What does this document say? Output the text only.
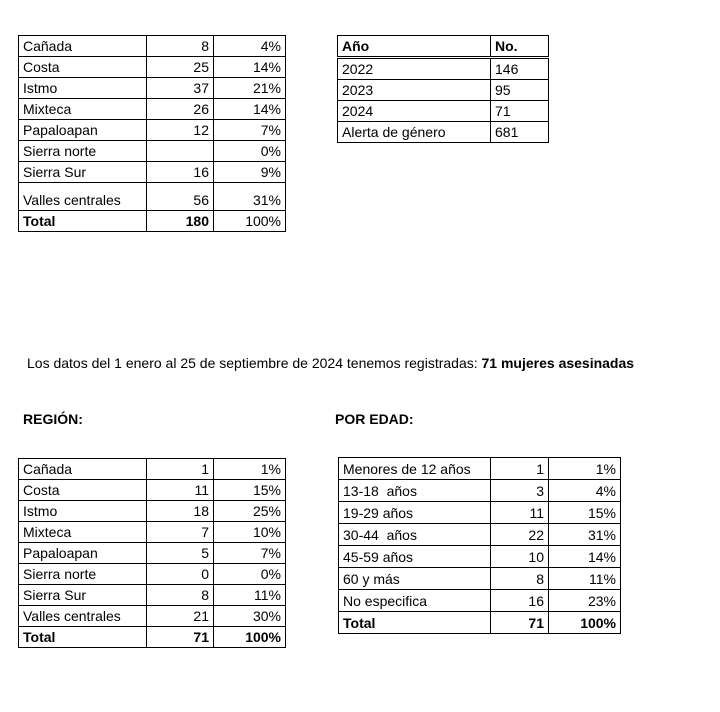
Cañada	8	4%
Costa	25	14%
Istmo	37	21%
Mixteca	26	14%
Papaloapan	12	7%
Sierra norte		0%
Sierra Sur	16	9%
Valles centrales	56	31%
Total	180	100%
Año	No.
2022	146
2023	95
2024	71
Alerta de género	681
Los datos del 1 enero al 25 de septiembre de 2024 tenemos registradas: 71 mujeres asesinadas
REGIÓN:	POR EDAD:
Cañada	1	1%
Costa	11	15%
Istmo	18	25%
Mixteca	7	10%
Papaloapan	5	7%
Sierra norte	0	0%
Sierra Sur	8	11%
Valles centrales	21	30%
Total	71	100%
Menores de 12 años	1	1%
13-18  años	3	4%
19-29 años	11	15%
30-44  años	22	31%
45-59 años	10	14%
60 y más	8	11%
No especifica	16	23%
Total	71	100%
